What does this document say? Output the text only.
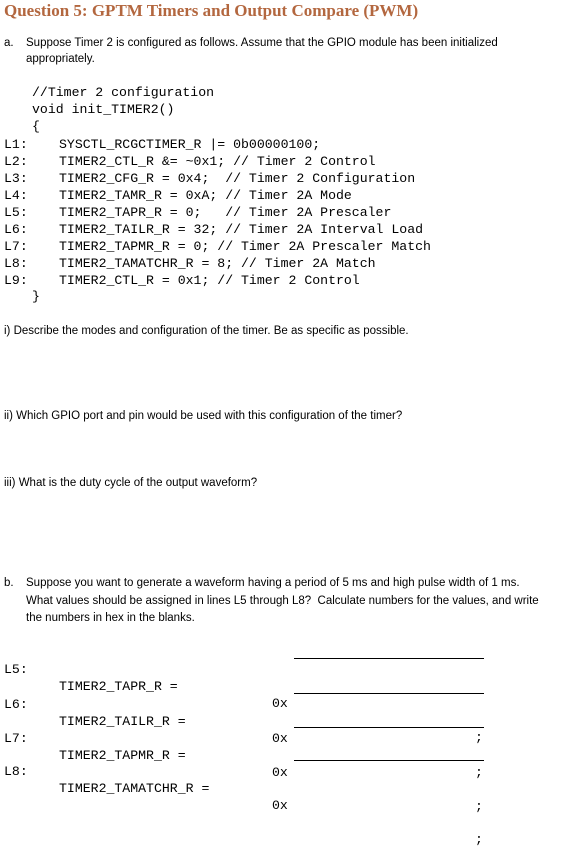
Question 5: GPTM Timers and Output Compare (PWM)
a. Suppose Timer 2 is configured as follows. Assume that the GPIO module has been initialized
appropriately.
//Timer 2 configuration
void init_TIMER2()
{
L1: SYSCTL_RCGCTIMER_R |= 0b00000100;
L2: TIMER2_CTL_R &= ~0x1; // Timer 2 Control
L3: TIMER2_CFG_R = 0x4;  // Timer 2 Configuration
L4: TIMER2_TAMR_R = 0xA; // Timer 2A Mode
L5: TIMER2_TAPR_R = 0;   // Timer 2A Prescaler
L6: TIMER2_TAILR_R = 32; // Timer 2A Interval Load
L7: TIMER2_TAPMR_R = 0; // Timer 2A Prescaler Match
L8: TIMER2_TAMATCHR_R = 8; // Timer 2A Match
L9: TIMER2_CTL_R = 0x1; // Timer 2 Control
}
i) Describe the modes and configuration of the timer. Be as specific as possible.
ii) Which GPIO port and pin would be used with this configuration of the timer?
iii) What is the duty cycle of the output waveform?
b. Suppose you want to generate a waveform having a period of 5 ms and high pulse width of 1 ms.
What values should be assigned in lines L5 through L8?  Calculate numbers for the values, and write
the numbers in hex in the blanks.

L5:

TIMER2_TAPR_R =

0x

;

L6:

TIMER2_TAILR_R =

0x

;

L7:

TIMER2_TAPMR_R =

0x

;

L8:

TIMER2_TAMATCHR_R =

0x

;
